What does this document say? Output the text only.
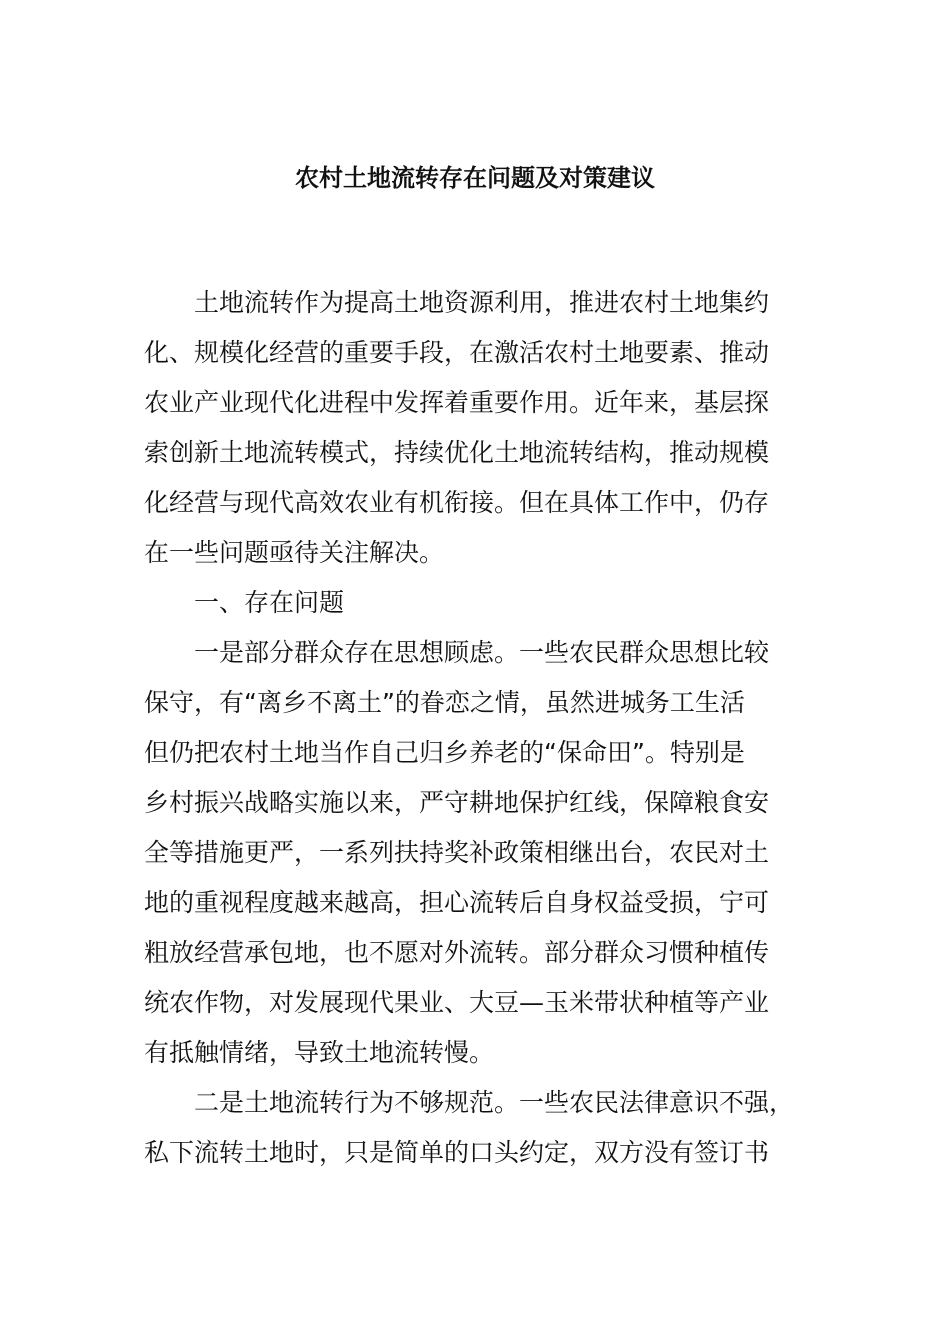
农村土地流转存在问题及对策建议
土地流转作为提高土地资源利用，推进农村土地集约
化、规模化经营的重要手段，在激活农村土地要素、推动
农业产业现代化进程中发挥着重要作用。近年来，基层探
索创新土地流转模式，持续优化土地流转结构，推动规模
化经营与现代高效农业有机衔接。但在具体工作中，仍存
在一些问题亟待关注解决。
一、存在问题
一是部分群众存在思想顾虑。一些农民群众思想比较
保守，有“离乡不离土”的眷恋之情，虽然进城务工生活
但仍把农村土地当作自己归乡养老的“保命田”。特别是
乡村振兴战略实施以来，严守耕地保护红线，保障粮食安
全等措施更严，一系列扶持奖补政策相继出台，农民对土
地的重视程度越来越高，担心流转后自身权益受损，宁可
粗放经营承包地，也不愿对外流转。部分群众习惯种植传
统农作物，对发展现代果业、大豆—玉米带状种植等产业
有抵触情绪，导致土地流转慢。
二是土地流转行为不够规范。一些农民法律意识不强，
私下流转土地时，只是简单的口头约定，双方没有签订书
